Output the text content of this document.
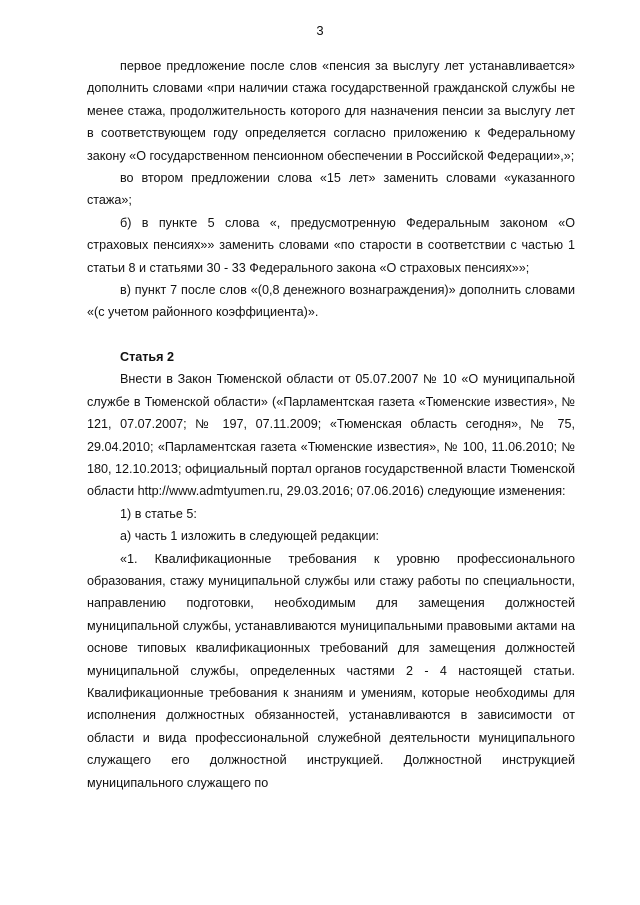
3

первое предложение после слов «пенсия за выслугу лет устанавливается» дополнить словами «при наличии стажа государственной гражданской службы не менее стажа, продолжительность которого для назначения пенсии за выслугу лет в соответствующем году определяется согласно приложению к Федеральному закону «О государственном пенсионном обеспечении в Российской Федерации»,»;

во втором предложении слова «15 лет» заменить словами «указанного стажа»;

б) в пункте 5 слова «, предусмотренную Федеральным законом «О страховых пенсиях»» заменить словами «по старости в соответствии с частью 1 статьи 8 и статьями 30 - 33 Федерального закона «О страховых пенсиях»»;

в) пункт 7 после слов «(0,8 денежного вознаграждения)» дополнить словами «(с учетом районного коэффициента)».

Статья 2

Внести в Закон Тюменской области от 05.07.2007 № 10 «О муниципальной службе в Тюменской области» («Парламентская газета «Тюменские известия», № 121, 07.07.2007; № 197, 07.11.2009; «Тюменская область сегодня», № 75, 29.04.2010; «Парламентская газета «Тюменские известия», № 100, 11.06.2010; № 180, 12.10.2013; официальный портал органов государственной власти Тюменской области http://www.admtyumen.ru, 29.03.2016; 07.06.2016) следующие изменения:

1) в статье 5:

а) часть 1 изложить в следующей редакции:

«1. Квалификационные требования к уровню профессионального образования, стажу муниципальной службы или стажу работы по специальности, направлению подготовки, необходимым для замещения должностей муниципальной службы, устанавливаются муниципальными правовыми актами на основе типовых квалификационных требований для замещения должностей муниципальной службы, определенных частями 2 - 4 настоящей статьи. Квалификационные требования к знаниям и умениям, которые необходимы для исполнения должностных обязанностей, устанавливаются в зависимости от области и вида профессиональной служебной деятельности муниципального служащего его должностной инструкцией. Должностной инструкцией муниципального служащего по
